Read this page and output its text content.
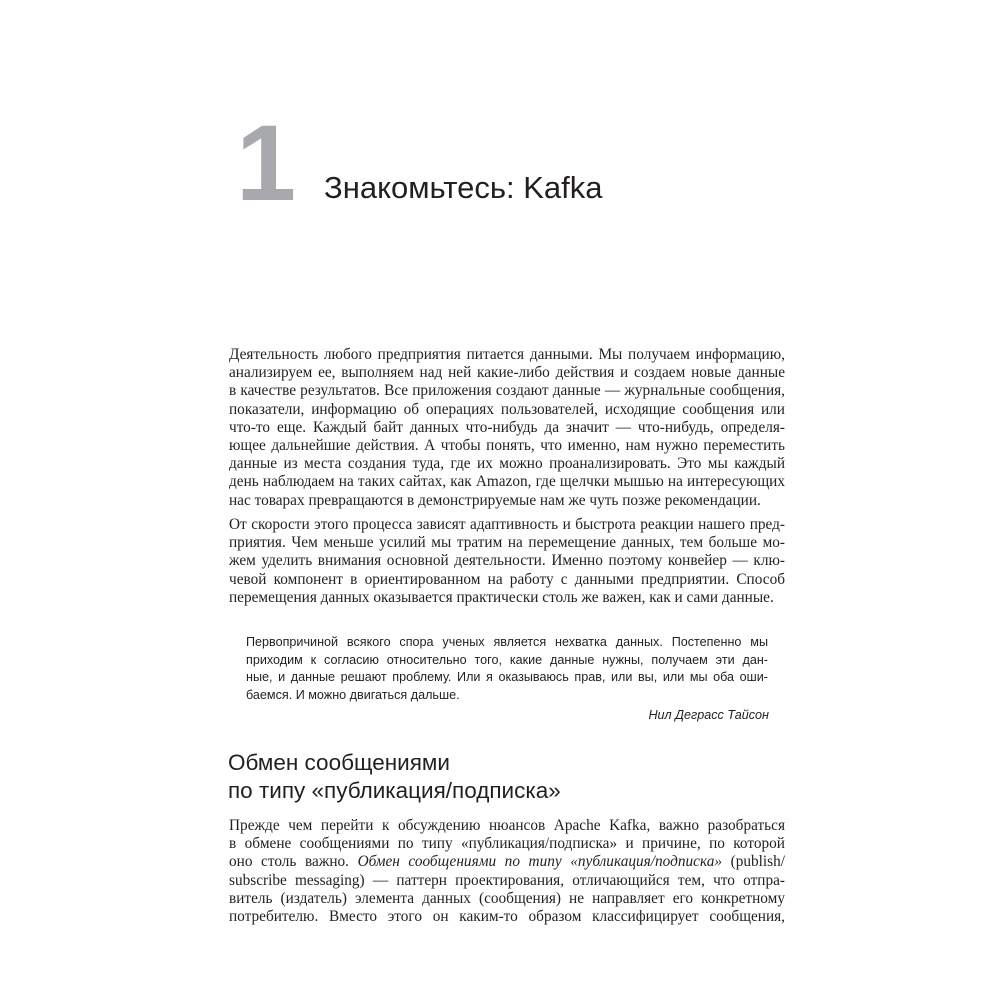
1 Знакомьтесь: Kafka
Деятельность любого предприятия питается данными. Мы получаем информацию,
анализируем ее, выполняем над ней какие-либо действия и создаем новые данные
в качестве результатов. Все приложения создают данные — журнальные сообщения,
показатели, информацию об операциях пользователей, исходящие сообщения или
что-то еще. Каждый байт данных что-нибудь да значит — что-нибудь, определя-
ющее дальнейшие действия. А чтобы понять, что именно, нам нужно переместить
данные из места создания туда, где их можно проанализировать. Это мы каждый
день наблюдаем на таких сайтах, как Amazon, где щелчки мышью на интересующих
нас товарах превращаются в демонстрируемые нам же чуть позже рекомендации.
От скорости этого процесса зависят адаптивность и быстрота реакции нашего пред-
приятия. Чем меньше усилий мы тратим на перемещение данных, тем больше мо-
жем уделить внимания основной деятельности. Именно поэтому конвейер — клю-
чевой компонент в ориентированном на работу с данными предприятии. Способ
перемещения данных оказывается практически столь же важен, как и сами данные.
Первопричиной всякого спора ученых является нехватка данных. Постепенно мы
приходим к согласию относительно того, какие данные нужны, получаем эти дан-
ные, и данные решают проблему. Или я оказываюсь прав, или вы, или мы оба оши-
баемся. И можно двигаться дальше.
Нил Деграсс Тайсон
Обмен сообщениями
по типу «публикация/подписка»
Прежде чем перейти к обсуждению нюансов Apache Kafka, важно разобраться
в обмене сообщениями по типу «публикация/подписка» и причине, по которой
оно столь важно. Обмен сообщениями по типу «публикация/подписка» (publish/
subscribe messaging) — паттерн проектирования, отличающийся тем, что отпра-
витель (издатель) элемента данных (сообщения) не направляет его конкретному
потребителю. Вместо этого он каким-то образом классифицирует сообщения,
